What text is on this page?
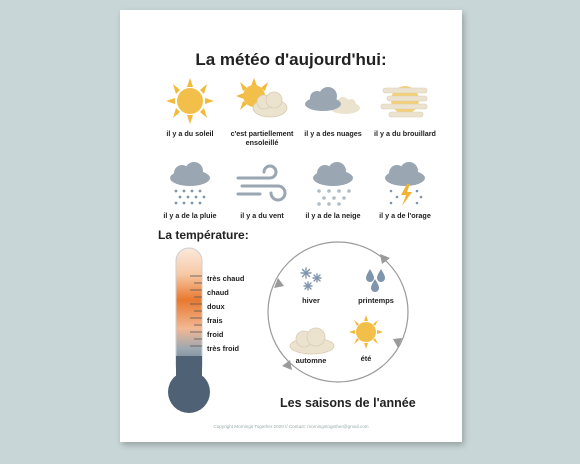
La météo d'aujourd'hui:
il y a du soleil	c'est partiellement ensoleillé
il y a des nuages	il y a du brouillard
il y a de la pluie	il y a du vent	il y a de la neige	il y a de l'orage
La température:
très chaud
chaud
doux
frais
froid
très froid
hiver	printemps
automne	été
Les saisons de l'année
Copyright Mornings Together 2020 // Contact: morningstogether@gmail.com
